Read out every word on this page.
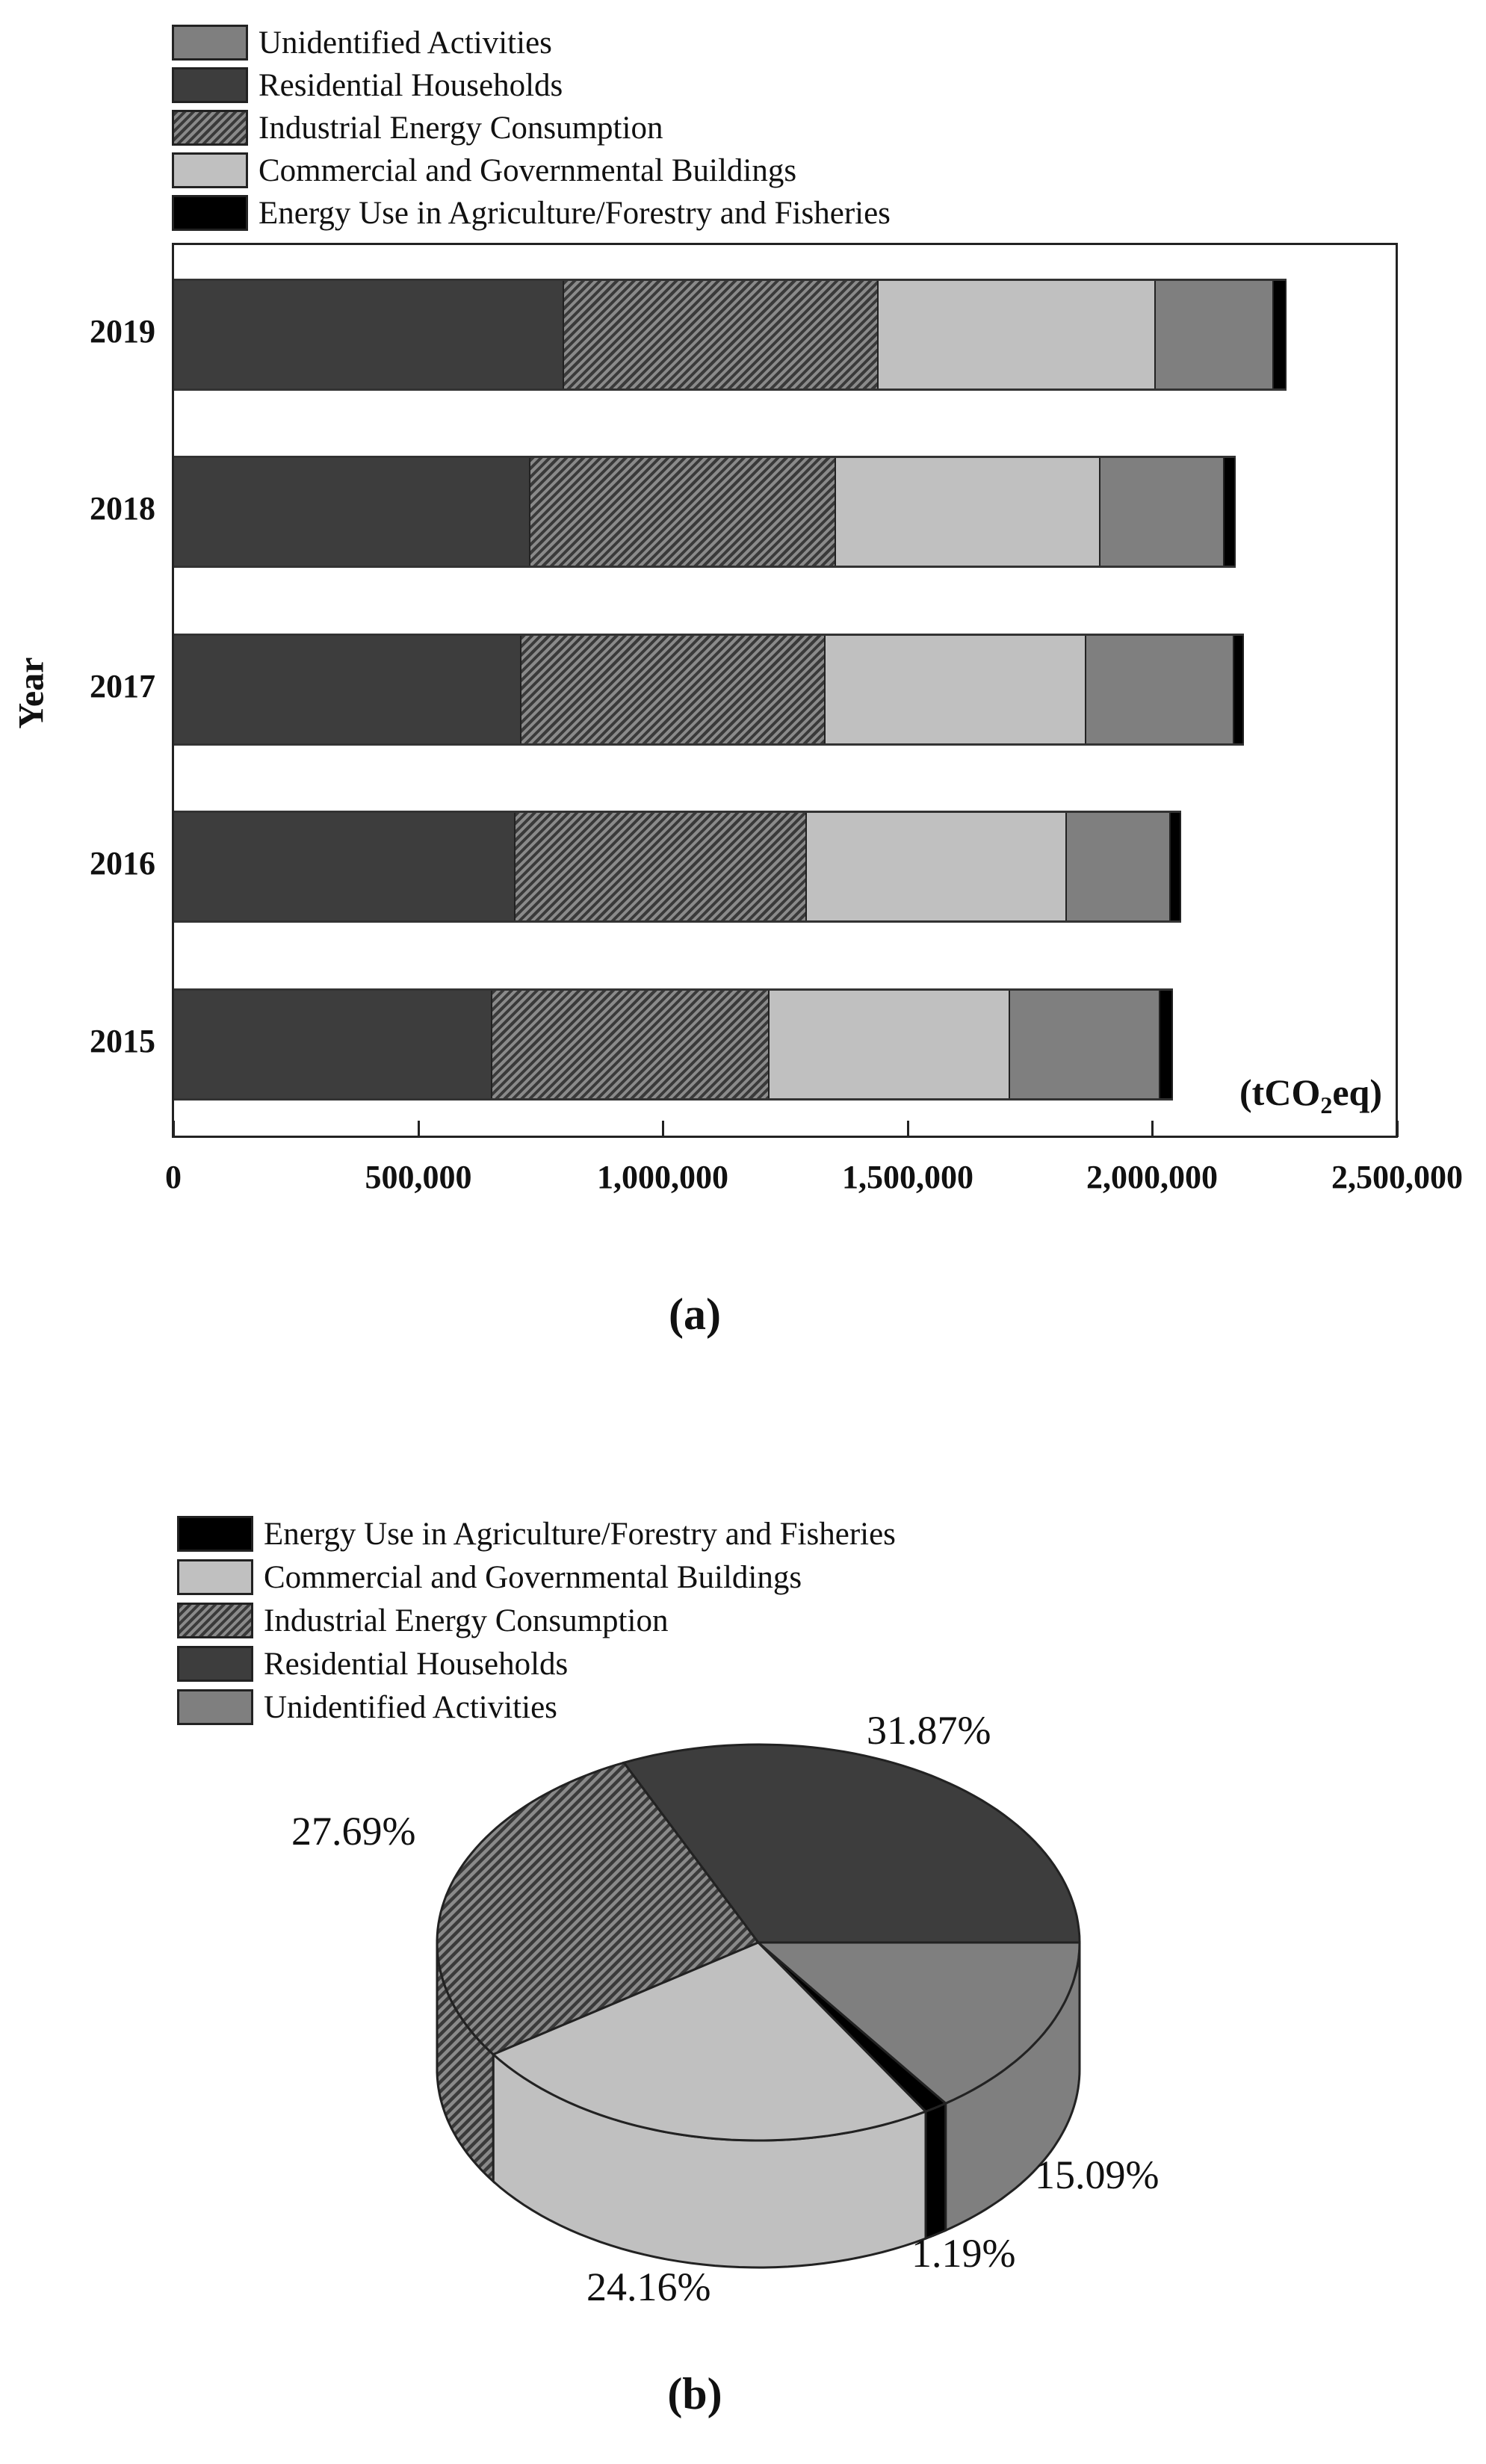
Unidentified Activities
Residential Households
Industrial Energy Consumption
Commercial and Governmental Buildings
Energy Use in Agriculture/Forestry and Fisheries
Year
(tCO$_2$eq)
2019
2018
2017
2016
2015
0	500,000	1,000,000	1,500,000	2,000,000	2,500,000
(a)
Energy Use in Agriculture/Forestry and Fisheries
Commercial and Governmental Buildings
Industrial Energy Consumption
Residential Households
Unidentified Activities
31.87%
27.69%
15.09%
1.19%
24.16%
(b)
